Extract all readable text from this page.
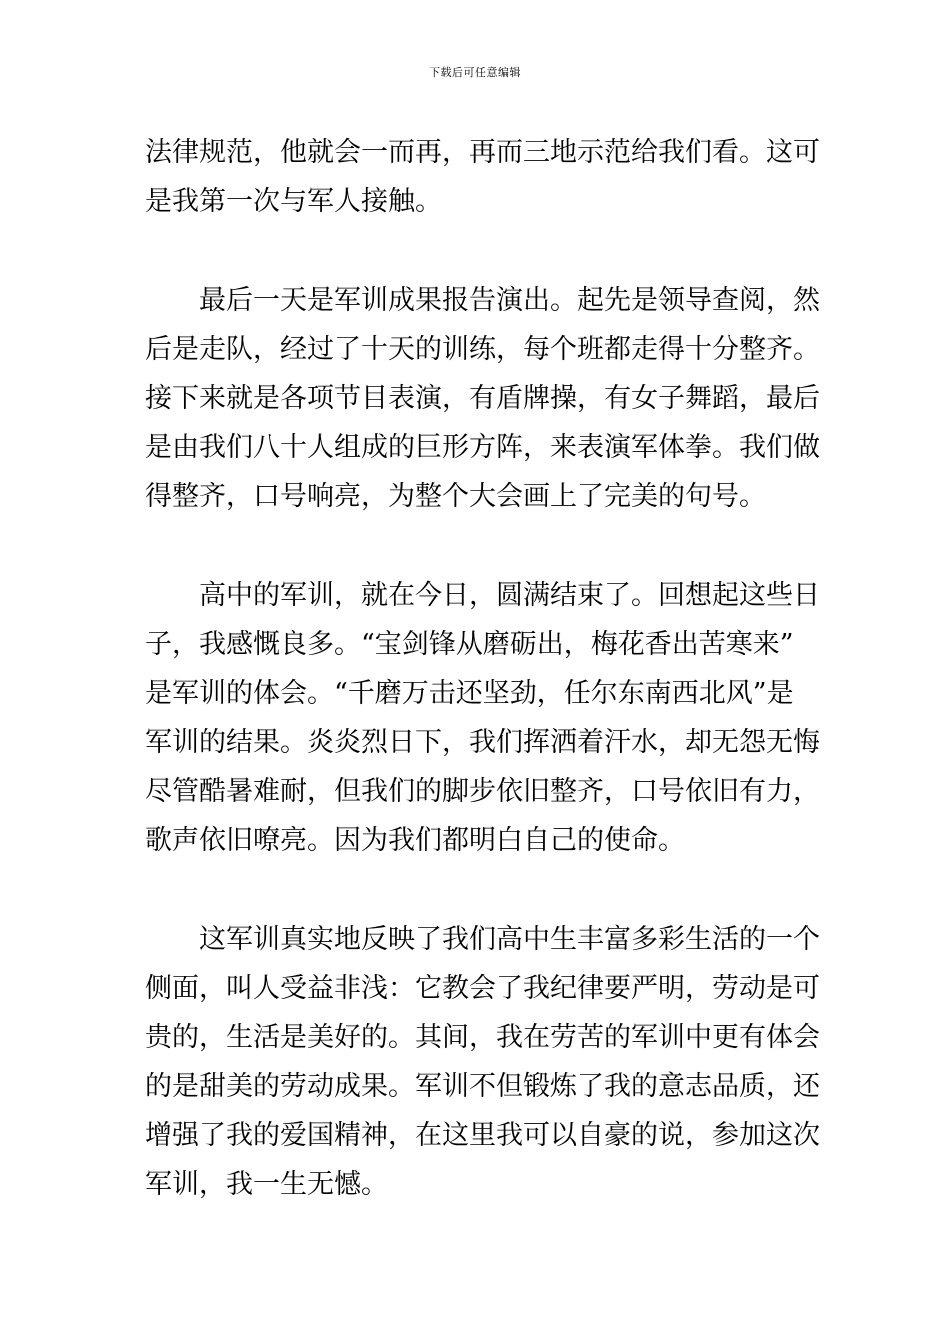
下载后可任意编辑
法律规范，他就会一而再，再而三地示范给我们看。这可
是我第一次与军人接触。
　　最后一天是军训成果报告演出。起先是领导查阅，然
后是走队，经过了十天的训练，每个班都走得十分整齐。
接下来就是各项节目表演，有盾牌操，有女子舞蹈，最后
是由我们八十人组成的巨形方阵，来表演军体拳。我们做
得整齐，口号响亮，为整个大会画上了完美的句号。
　　高中的军训，就在今日，圆满结束了。回想起这些日
子，我感慨良多。“宝剑锋从磨砺出，梅花香出苦寒来”
是军训的体会。“千磨万击还坚劲，任尔东南西北风”是
军训的结果。炎炎烈日下，我们挥洒着汗水，却无怨无悔
尽管酷暑难耐，但我们的脚步依旧整齐，口号依旧有力，
歌声依旧嘹亮。因为我们都明白自己的使命。
　　这军训真实地反映了我们高中生丰富多彩生活的一个
侧面，叫人受益非浅：它教会了我纪律要严明，劳动是可
贵的，生活是美好的。其间，我在劳苦的军训中更有体会
的是甜美的劳动成果。军训不但锻炼了我的意志品质，还
增强了我的爱国精神，在这里我可以自豪的说，参加这次
军训，我一生无憾。
